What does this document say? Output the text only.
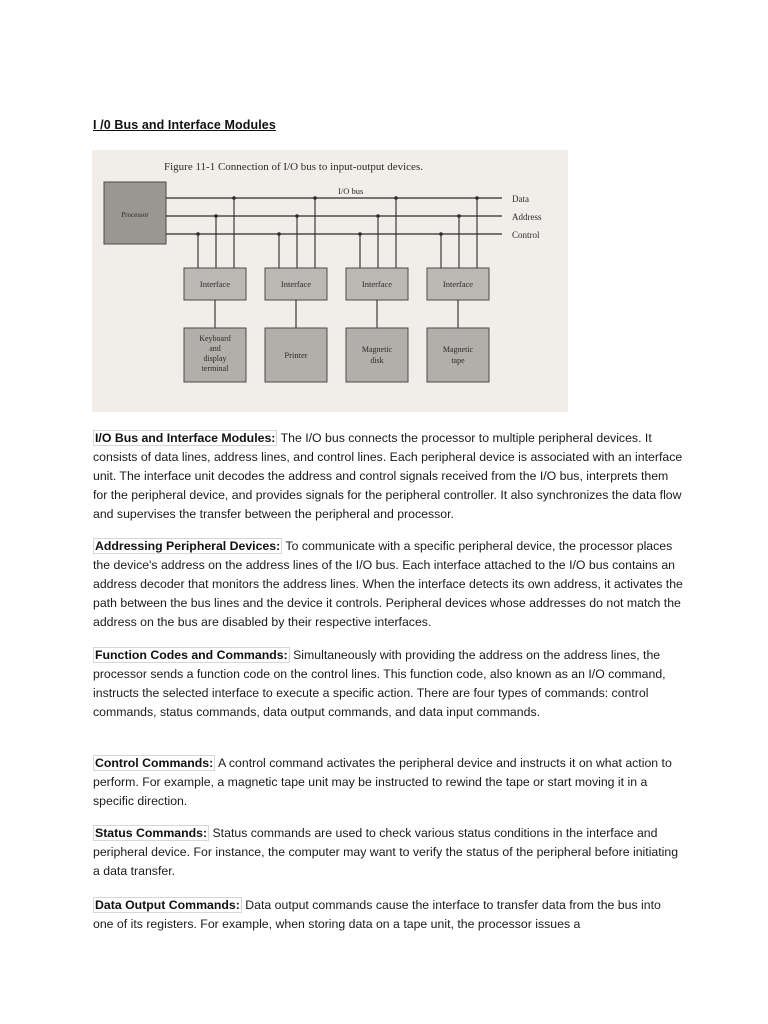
I /0 Bus and Interface Modules
Figure 11-1 Connection of I/O bus to input-output devices.
I/O bus
Processor
Data
Address
Control
Interface
Keyboard
and
display
terminal
Interface
Printer
Interface
Magnetic
disk
Interface
Magnetic
tape

I/O Bus and Interface Modules: The I/O bus connects the processor to multiple peripheral devices. It consists of data lines, address lines, and control lines. Each peripheral device is associated with an interface unit. The interface unit decodes the address and control signals received from the I/O bus, interprets them for the peripheral device, and provides signals for the peripheral controller. It also synchronizes the data flow and supervises the transfer between the peripheral and processor.

Addressing Peripheral Devices: To communicate with a specific peripheral device, the processor places the device's address on the address lines of the I/O bus. Each interface attached to the I/O bus contains an address decoder that monitors the address lines. When the interface detects its own address, it activates the path between the bus lines and the device it controls. Peripheral devices whose addresses do not match the address on the bus are disabled by their respective interfaces.

Function Codes and Commands: Simultaneously with providing the address on the address lines, the processor sends a function code on the control lines. This function code, also known as an I/O command, instructs the selected interface to execute a specific action. There are four types of commands: control commands, status commands, data output commands, and data input commands.

Control Commands: A control command activates the peripheral device and instructs it on what action to perform. For example, a magnetic tape unit may be instructed to rewind the tape or start moving it in a specific direction.

Status Commands: Status commands are used to check various status conditions in the interface and peripheral device. For instance, the computer may want to verify the status of the peripheral before initiating a data transfer.

Data Output Commands: Data output commands cause the interface to transfer data from the bus into one of its registers. For example, when storing data on a tape unit, the processor issues a
